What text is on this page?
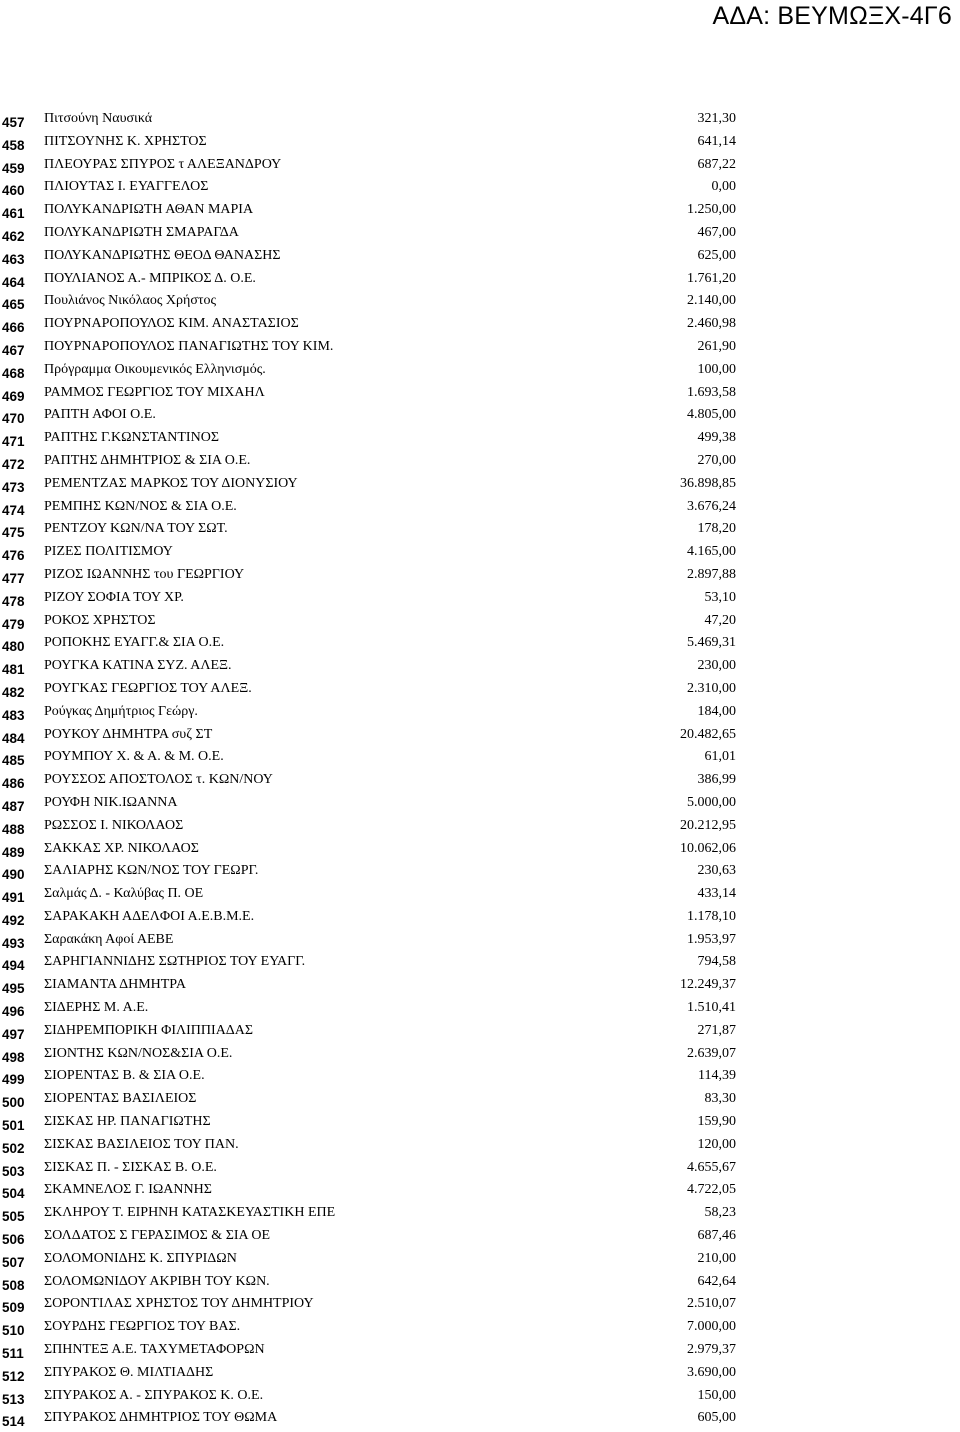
ΑΔΑ: ΒΕΥΜΩΞΧ-4Γ6
457 Πιτσούνη Ναυσικά	321,30
458 ΠΙΤΣΟΥΝΗΣ Κ. ΧΡΗΣΤΟΣ	641,14
459 ΠΛΕΟΥΡΑΣ ΣΠΥΡΟΣ τ ΑΛΕΞΑΝΔΡΟΥ	687,22
460 ΠΛΙΟΥΤΑΣ Ι. ΕΥΑΓΓΕΛΟΣ	0,00
461 ΠΟΛΥΚΑΝΔΡΙΩΤΗ ΑΘΑΝ ΜΑΡΙΑ	1.250,00
462 ΠΟΛΥΚΑΝΔΡΙΩΤΗ ΣΜΑΡΑΓΔΑ	467,00
463 ΠΟΛΥΚΑΝΔΡΙΩΤΗΣ ΘΕΟΔ ΘΑΝΑΣΗΣ	625,00
464 ΠΟΥΛΙΑΝΟΣ Α.- ΜΠΡΙΚΟΣ Δ. Ο.Ε.	1.761,20
465 Πουλιάνος Νικόλαος Χρήστος	2.140,00
466 ΠΟΥΡΝΑΡΟΠΟΥΛΟΣ ΚΙΜ. ΑΝΑΣΤΑΣΙΟΣ	2.460,98
467 ΠΟΥΡΝΑΡΟΠΟΥΛΟΣ ΠΑΝΑΓΙΩΤΗΣ ΤΟΥ ΚΙΜ.	261,90
468 Πρόγραμμα Οικουμενικός Ελληνισμός.	100,00
469 ΡΑΜΜΟΣ ΓΕΩΡΓΙΟΣ ΤΟΥ ΜΙΧΑΗΛ	1.693,58
470 ΡΑΠΤΗ ΑΦΟΙ Ο.Ε.	4.805,00
471 ΡΑΠΤΗΣ Γ.ΚΩΝΣΤΑΝΤΙΝΟΣ	499,38
472 ΡΑΠΤΗΣ ΔΗΜΗΤΡΙΟΣ & ΣΙΑ Ο.Ε.	270,00
473 ΡΕΜΕΝΤΖΑΣ ΜΑΡΚΟΣ ΤΟΥ ΔΙΟΝΥΣΙΟΥ	36.898,85
474 ΡΕΜΠΗΣ ΚΩΝ/ΝΟΣ & ΣΙΑ Ο.Ε.	3.676,24
475 ΡΕΝΤΖΟΥ ΚΩΝ/ΝΑ ΤΟΥ ΣΩΤ.	178,20
476 ΡΙΖΕΣ ΠΟΛΙΤΙΣΜΟΥ	4.165,00
477 ΡΙΖΟΣ ΙΩΑΝΝΗΣ του ΓΕΩΡΓΙΟΥ	2.897,88
478 ΡΙΖΟΥ ΣΟΦΙΑ ΤΟΥ ΧΡ.	53,10
479 ΡΟΚΟΣ ΧΡΗΣΤΟΣ	47,20
480 ΡΟΠΟΚΗΣ ΕΥΑΓΓ.& ΣΙΑ Ο.Ε.	5.469,31
481 ΡΟΥΓΚΑ ΚΑΤΙΝΑ ΣΥΖ. ΑΛΕΞ.	230,00
482 ΡΟΥΓΚΑΣ ΓΕΩΡΓΙΟΣ ΤΟΥ ΑΛΕΞ.	2.310,00
483 Ρούγκας Δημήτριος Γεώργ.	184,00
484 ΡΟΥΚΟΥ ΔΗΜΗΤΡΑ συζ ΣΤ	20.482,65
485 ΡΟΥΜΠΟΥ Χ. & Α. & Μ. Ο.Ε.	61,01
486 ΡΟΥΣΣΟΣ ΑΠΟΣΤΟΛΟΣ τ. ΚΩΝ/ΝΟΥ	386,99
487 ΡΟΥΦΗ ΝΙΚ.ΙΩΑΝΝΑ	5.000,00
488 ΡΩΣΣΟΣ Ι. ΝΙΚΟΛΑΟΣ	20.212,95
489 ΣΑΚΚΑΣ ΧΡ. ΝΙΚΟΛΑΟΣ	10.062,06
490 ΣΑΛΙΑΡΗΣ ΚΩΝ/ΝΟΣ ΤΟΥ ΓΕΩΡΓ.	230,63
491 Σαλμάς Δ. - Καλύβας Π. ΟΕ	433,14
492 ΣΑΡΑΚΑΚΗ ΑΔΕΛΦΟΙ Α.Ε.Β.Μ.Ε.	1.178,10
493 Σαρακάκη Αφοί ΑΕΒΕ	1.953,97
494 ΣΑΡΗΓΙΑΝΝΙΔΗΣ ΣΩΤΗΡΙΟΣ ΤΟΥ ΕΥΑΓΓ.	794,58
495 ΣΙΑΜΑΝΤΑ ΔΗΜΗΤΡΑ	12.249,37
496 ΣΙΔΕΡΗΣ Μ. Α.Ε.	1.510,41
497 ΣΙΔΗΡΕΜΠΟΡΙΚΗ ΦΙΛΙΠΠΙΑΔΑΣ	271,87
498 ΣΙΟΝΤΗΣ ΚΩΝ/ΝΟΣ&ΣΙΑ Ο.Ε.	2.639,07
499 ΣΙΟΡΕΝΤΑΣ Β. & ΣΙΑ Ο.Ε.	114,39
500 ΣΙΟΡΕΝΤΑΣ ΒΑΣΙΛΕΙΟΣ	83,30
501 ΣΙΣΚΑΣ ΗΡ. ΠΑΝΑΓΙΩΤΗΣ	159,90
502 ΣΙΣΚΑΣ ΒΑΣΙΛΕΙΟΣ ΤΟΥ ΠΑΝ.	120,00
503 ΣΙΣΚΑΣ Π. - ΣΙΣΚΑΣ Β. Ο.Ε.	4.655,67
504 ΣΚΑΜΝΕΛΟΣ Γ. ΙΩΑΝΝΗΣ	4.722,05
505 ΣΚΛΗΡΟΥ Τ. ΕΙΡΗΝΗ ΚΑΤΑΣΚΕΥΑΣΤΙΚΗ ΕΠΕ	58,23
506 ΣΟΛΔΑΤΟΣ Σ ΓΕΡΑΣΙΜΟΣ & ΣΙΑ ΟΕ	687,46
507 ΣΟΛΟΜΟΝΙΔΗΣ Κ. ΣΠΥΡΙΔΩΝ	210,00
508 ΣΟΛΟΜΩΝΙΔΟΥ ΑΚΡΙΒΗ ΤΟΥ ΚΩΝ.	642,64
509 ΣΟΡΟΝΤΙΛΑΣ ΧΡΗΣΤΟΣ ΤΟΥ ΔΗΜΗΤΡΙΟΥ	2.510,07
510 ΣΟΥΡΔΗΣ ΓΕΩΡΓΙΟΣ ΤΟΥ ΒΑΣ.	7.000,00
511 ΣΠΗΝΤΕΞ Α.Ε. ΤΑΧΥΜΕΤΑΦΟΡΩΝ	2.979,37
512 ΣΠΥΡΑΚΟΣ Θ. ΜΙΛΤΙΑΔΗΣ	3.690,00
513 ΣΠΥΡΑΚΟΣ Α. - ΣΠΥΡΑΚΟΣ Κ. Ο.Ε.	150,00
514 ΣΠΥΡΑΚΟΣ ΔΗΜΗΤΡΙΟΣ ΤΟΥ ΘΩΜΑ	605,00
